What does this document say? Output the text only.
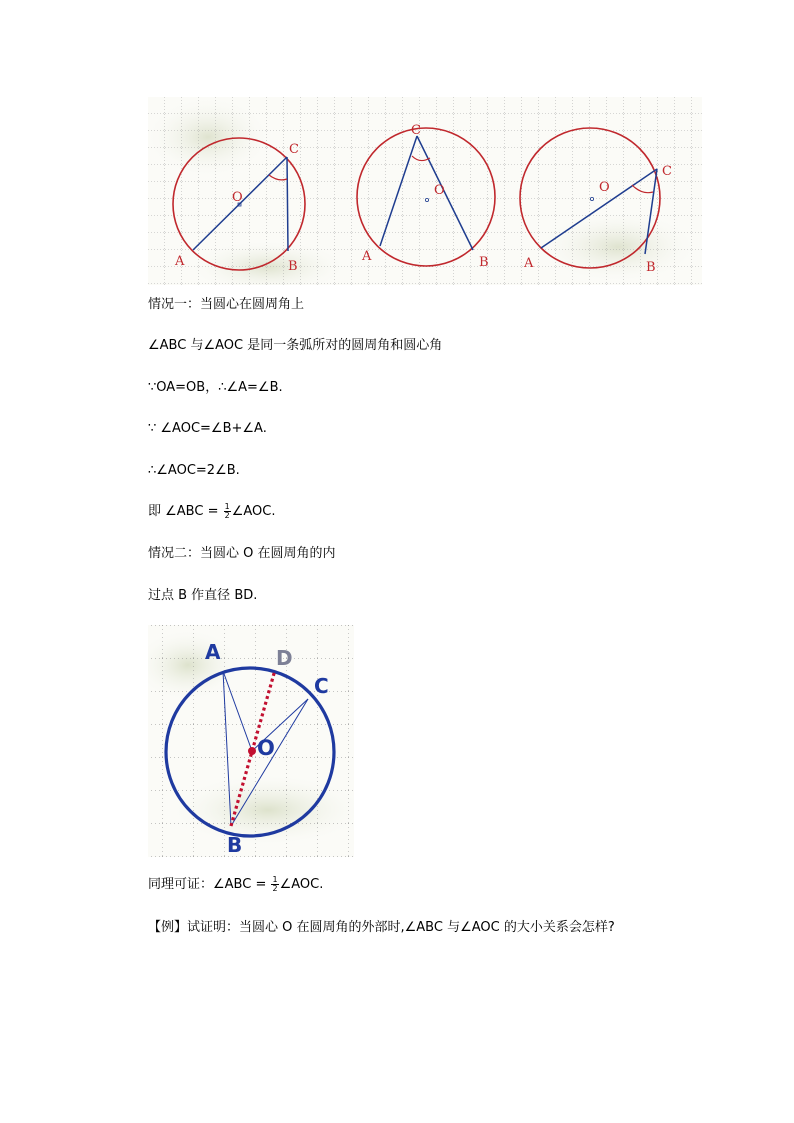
O
C
A	B
C
O
A	B
O
C
A	B
情况一：当圆心在圆周角上
∠ABC 与∠AOC 是同一条弧所对的圆周角和圆心角
∵OA=OB，∴∠A=∠B.
∵ ∠AOC=∠B+∠A.
∴∠AOC=2∠B.
即 ∠ABC = $\frac{1}{2}$ ∠AOC.
情况二：当圆心 O 在圆周角的内
过点 B 作直径 BD.
A	D
C
O
B
同理可证：∠ABC = $\frac{1}{2}$ ∠AOC.
【例】试证明：当圆心 O 在圆周角的外部时,∠ABC 与∠AOC 的大小关系会怎样?
